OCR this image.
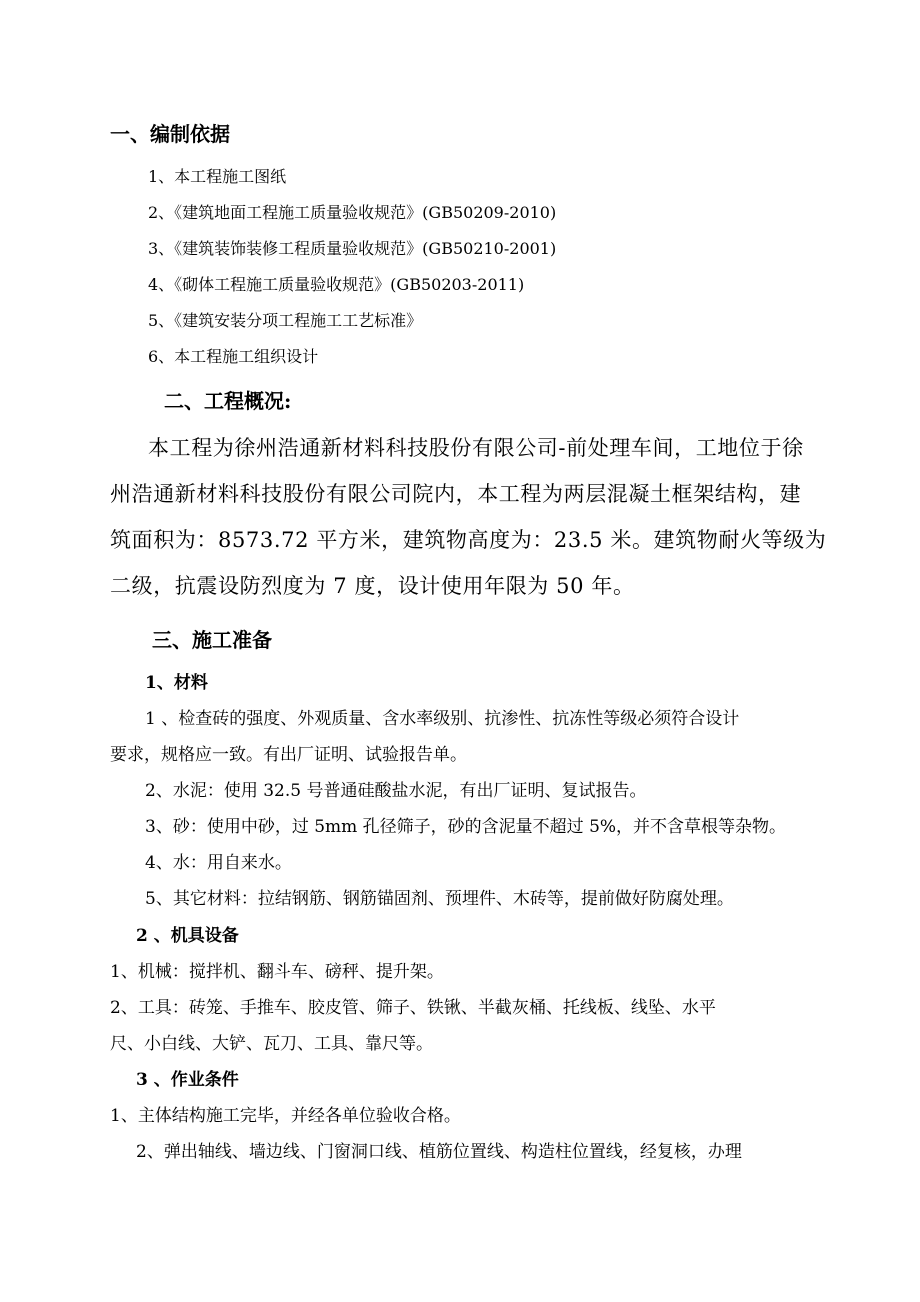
一、编制依据
1、本工程施工图纸
2、《建筑地面工程施工质量验收规范》(GB50209-2010)
3、《建筑装饰装修工程质量验收规范》(GB50210-2001)
4、《砌体工程施工质量验收规范》(GB50203-2011)
5、《建筑安装分项工程施工工艺标准》
6、本工程施工组织设计
二、工程概况:
本工程为徐州浩通新材料科技股份有限公司-前处理车间，工地位于徐
州浩通新材料科技股份有限公司院内，本工程为两层混凝土框架结构，建
筑面积为：8573.72 平方米，建筑物高度为：23.5 米。建筑物耐火等级为
二级，抗震设防烈度为 7 度，设计使用年限为 50 年。
三、施工准备
1、材料
1 、检查砖的强度、外观质量、含水率级别、抗渗性、抗冻性等级必须符合设计
要求，规格应一致。有出厂证明、试验报告单。
2、水泥：使用 32.5 号普通硅酸盐水泥，有出厂证明、复试报告。
3、砂：使用中砂，过 5mm 孔径筛子，砂的含泥量不超过 5%，并不含草根等杂物。
4、水：用自来水。
5、其它材料：拉结钢筋、钢筋锚固剂、预埋件、木砖等，提前做好防腐处理。
2 、机具设备
1、机械：搅拌机、翻斗车、磅秤、提升架。
2、工具：砖笼、手推车、胶皮管、筛子、铁锹、半截灰桶、托线板、线坠、水平
尺、小白线、大铲、瓦刀、工具、靠尺等。
3 、作业条件
1、主体结构施工完毕，并经各单位验收合格。
2、弹出轴线、墙边线、门窗洞口线、植筋位置线、构造柱位置线，经复核，办理
